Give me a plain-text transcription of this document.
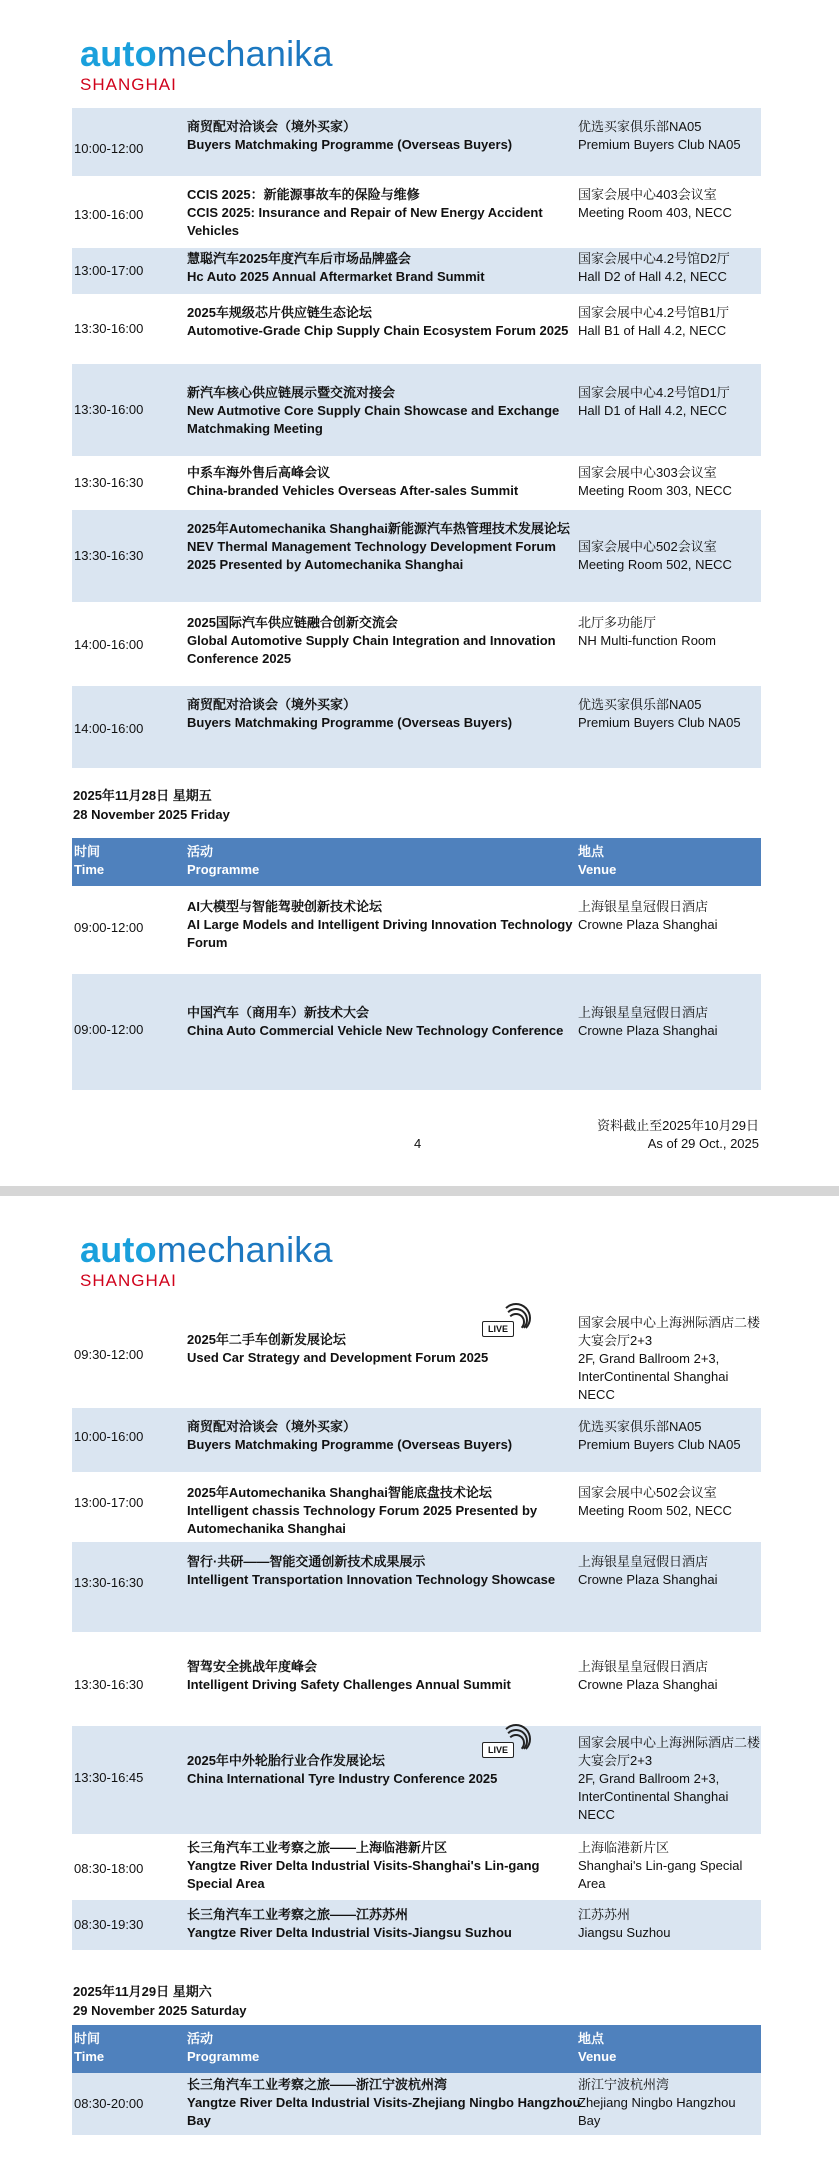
automechanika
SHANGHAI
10:00-12:00
商贸配对洽谈会（境外买家）
Buyers Matchmaking Programme (Overseas Buyers)
优选买家俱乐部NA05
Premium Buyers Club NA05
13:00-16:00
CCIS 2025：新能源事故车的保险与维修
CCIS 2025: Insurance and Repair of New Energy Accident Vehicles
国家会展中心403会议室
Meeting Room 403, NECC
13:00-17:00
慧聪汽车2025年度汽车后市场品牌盛会
Hc Auto 2025 Annual Aftermarket Brand Summit
国家会展中心4.2号馆D2厅
Hall D2 of Hall 4.2, NECC
13:30-16:00
2025车规级芯片供应链生态论坛
Automotive-Grade Chip Supply Chain Ecosystem Forum 2025
国家会展中心4.2号馆B1厅
Hall B1 of Hall 4.2, NECC
13:30-16:00
新汽车核心供应链展示暨交流对接会
New Autmotive Core Supply Chain Showcase and Exchange Matchmaking Meeting
国家会展中心4.2号馆D1厅
Hall D1 of Hall 4.2, NECC
13:30-16:30
中系车海外售后高峰会议
China-branded Vehicles Overseas After-sales Summit
国家会展中心303会议室
Meeting Room 303, NECC
13:30-16:30
2025年Automechanika Shanghai新能源汽车热管理技术发展论坛
NEV Thermal Management Technology Development Forum 2025 Presented by Automechanika Shanghai
国家会展中心502会议室
Meeting Room 502, NECC
14:00-16:00
2025国际汽车供应链融合创新交流会
Global Automotive Supply Chain Integration and Innovation Conference 2025
北厅多功能厅
NH Multi-function Room
14:00-16:00
商贸配对洽谈会（境外买家）
Buyers Matchmaking Programme (Overseas Buyers)
优选买家俱乐部NA05
Premium Buyers Club NA05
2025年11月28日 星期五
28 November 2025 Friday
时间
Time
活动
Programme
地点
Venue
09:00-12:00
AI大模型与智能驾驶创新技术论坛
AI Large Models and Intelligent Driving Innovation Technology Forum
上海银星皇冠假日酒店
Crowne Plaza Shanghai
09:00-12:00
中国汽车（商用车）新技术大会
China Auto Commercial Vehicle New Technology Conference
上海银星皇冠假日酒店
Crowne Plaza Shanghai
资料截止至2025年10月29日
As of 29 Oct., 2025
4
automechanika
SHANGHAI
09:30-12:00
2025年二手车创新发展论坛
Used Car Strategy and Development Forum 2025
国家会展中心上海洲际酒店二楼大宴会厅2+3
2F, Grand Ballroom 2+3, InterContinental Shanghai NECC
LIVE
10:00-16:00
商贸配对洽谈会（境外买家）
Buyers Matchmaking Programme (Overseas Buyers)
优选买家俱乐部NA05
Premium Buyers Club NA05
13:00-17:00
2025年Automechanika Shanghai智能底盘技术论坛
Intelligent chassis Technology Forum 2025 Presented by Automechanika Shanghai
国家会展中心502会议室
Meeting Room 502, NECC
13:30-16:30
智行·共研——智能交通创新技术成果展示
Intelligent Transportation Innovation Technology Showcase
上海银星皇冠假日酒店
Crowne Plaza Shanghai
13:30-16:30
智驾安全挑战年度峰会
Intelligent Driving Safety Challenges Annual Summit
上海银星皇冠假日酒店
Crowne Plaza Shanghai
13:30-16:45
2025年中外轮胎行业合作发展论坛
China International Tyre Industry Conference 2025
国家会展中心上海洲际酒店二楼大宴会厅2+3
2F, Grand Ballroom 2+3, InterContinental Shanghai NECC
LIVE
08:30-18:00
长三角汽车工业考察之旅——上海临港新片区
Yangtze River Delta Industrial Visits-Shanghai's Lin-gang Special Area
上海临港新片区
Shanghai's Lin-gang Special Area
08:30-19:30
长三角汽车工业考察之旅——江苏苏州
Yangtze River Delta Industrial Visits-Jiangsu Suzhou
江苏苏州
Jiangsu Suzhou
2025年11月29日 星期六
29 November 2025 Saturday
时间
Time
活动
Programme
地点
Venue
08:30-20:00
长三角汽车工业考察之旅——浙江宁波杭州湾
Yangtze River Delta Industrial Visits-Zhejiang Ningbo Hangzhou Bay
浙江宁波杭州湾
Zhejiang Ningbo Hangzhou Bay
